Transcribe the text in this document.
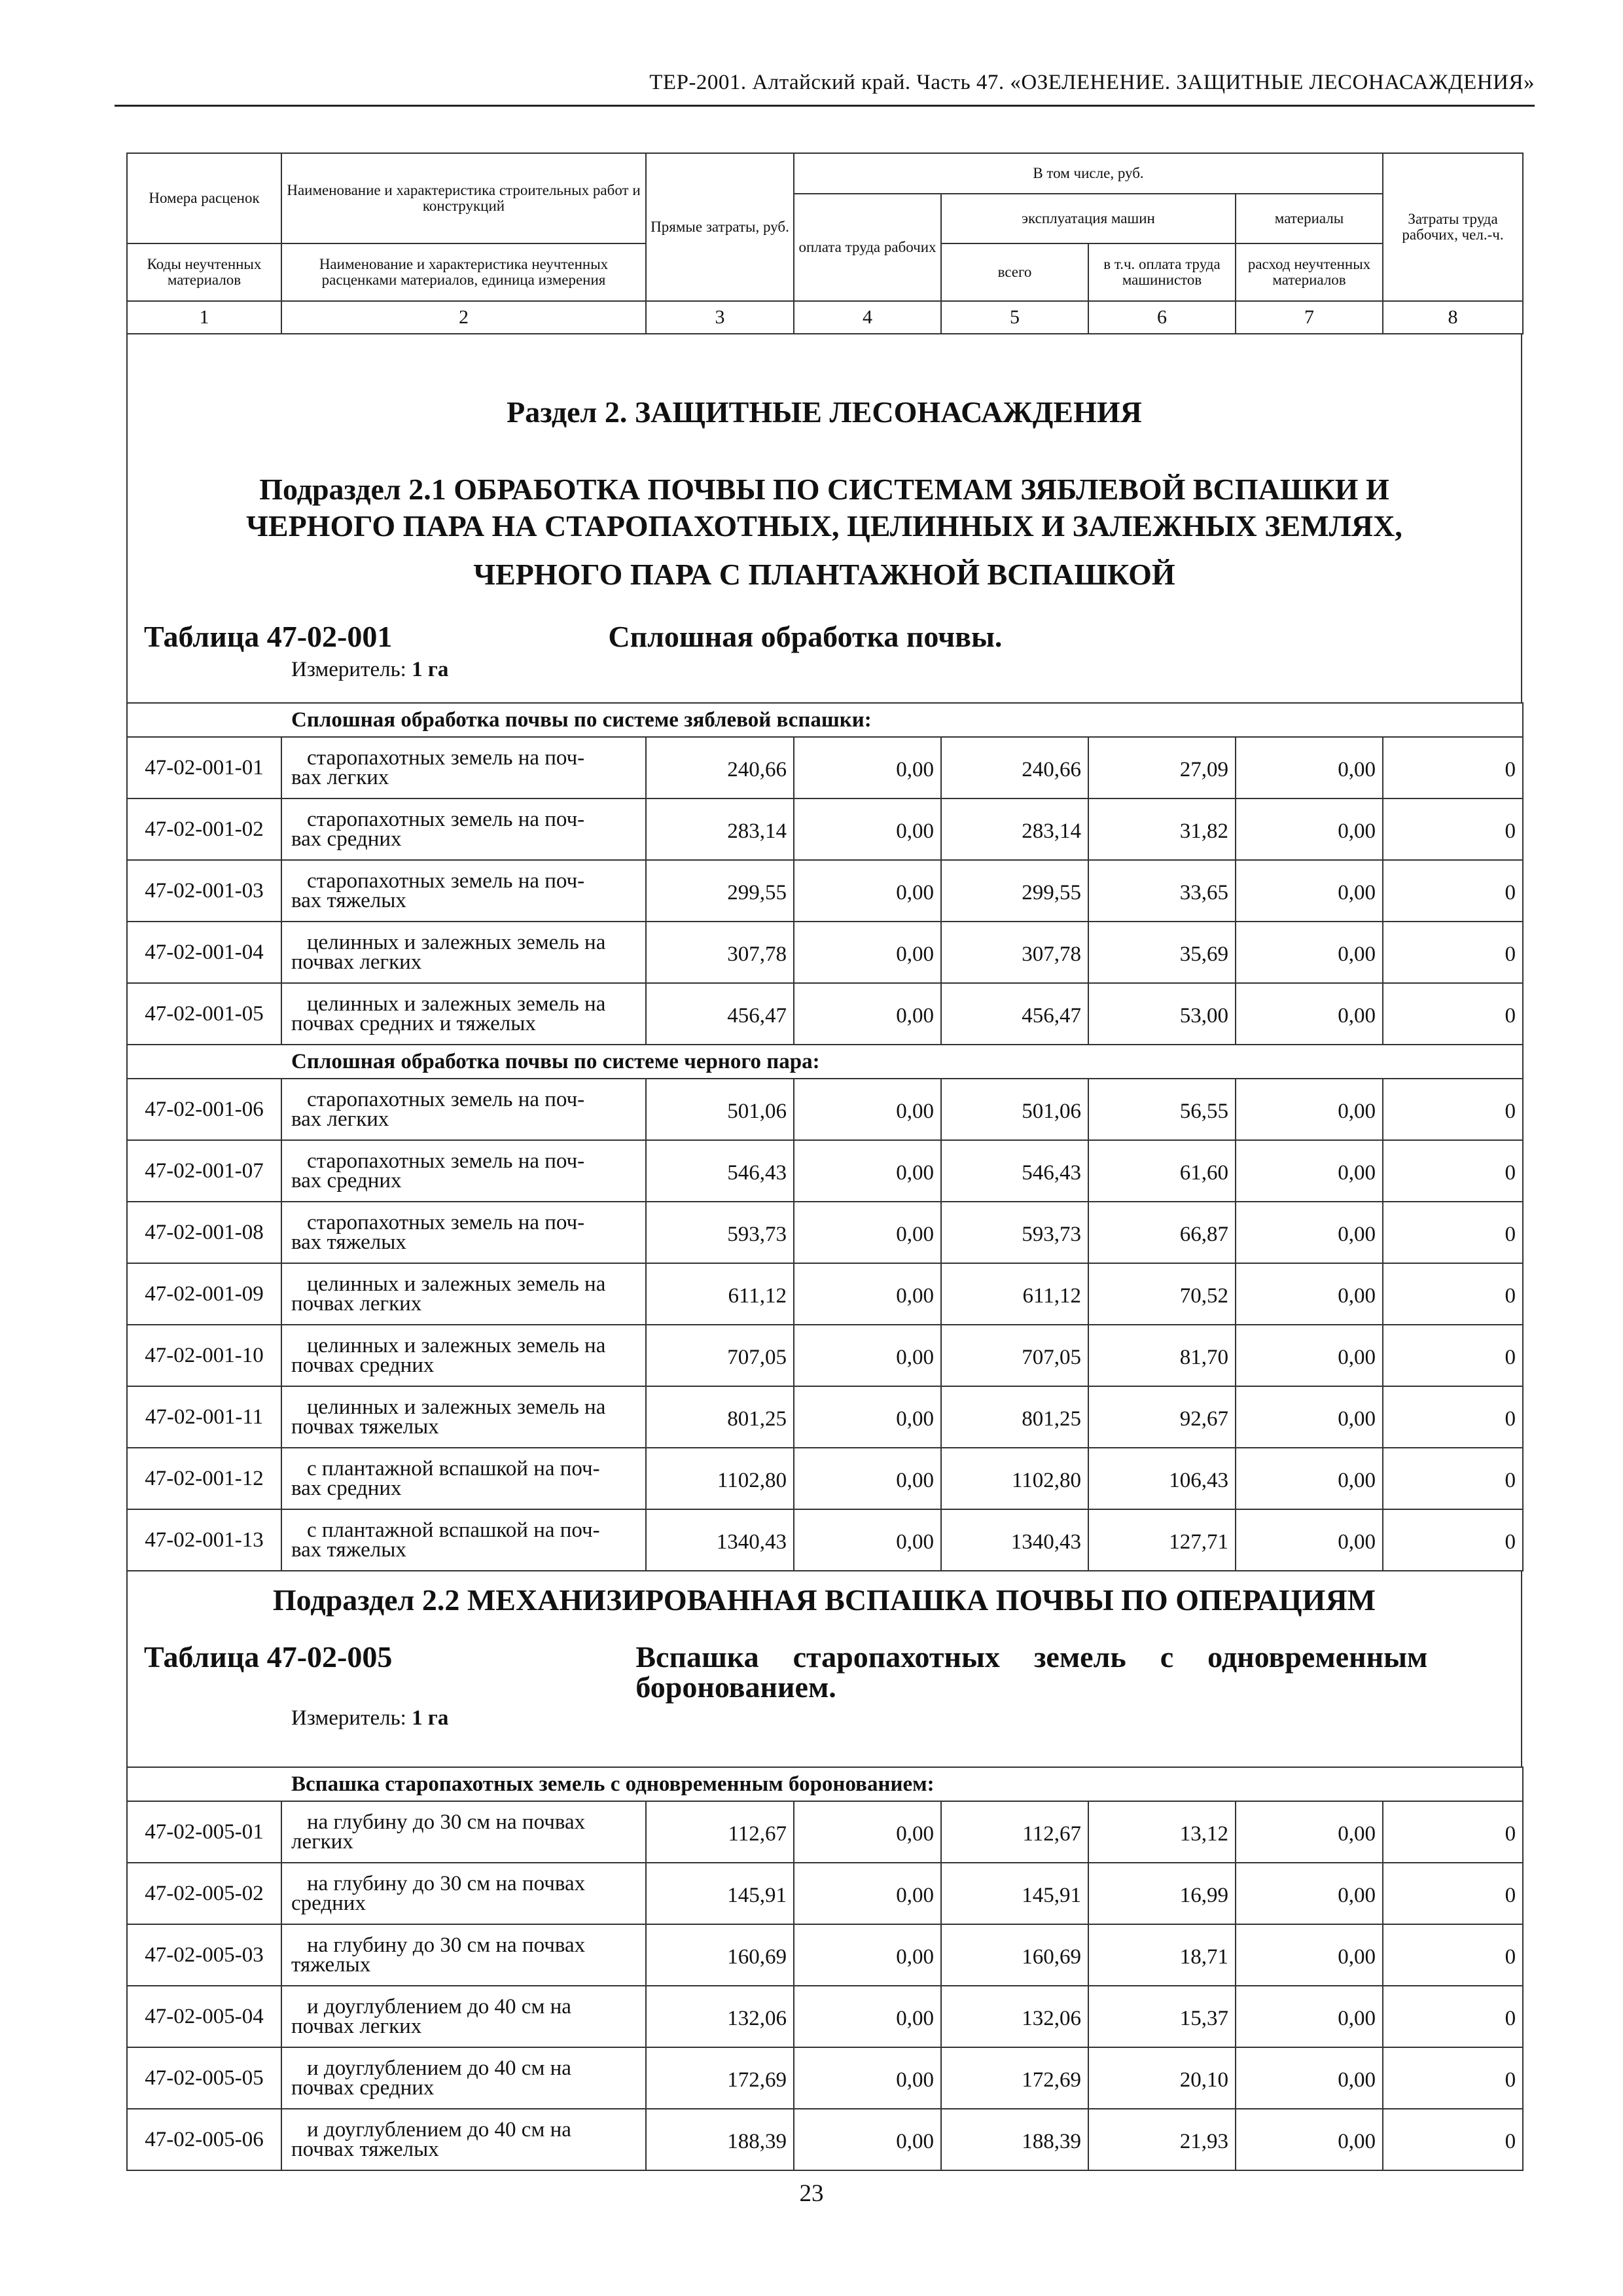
ТЕР-2001. Алтайский край. Часть 47. «ОЗЕЛЕНЕНИЕ. ЗАЩИТНЫЕ ЛЕСОНАСАЖДЕНИЯ»
Номера расценок	Наименование и характеристика строительных работ и конструкций	Прямые затраты, руб.	В том числе, руб.				Затраты труда рабочих, чел.-ч.
			оплата труда рабочих	эксплуатация машин		материалы	
Коды неучтенных материалов	Наименование и характеристика неучтенных расценками материалов, единица измерения			всего	в т.ч. оплата труда машинистов	расход неучтенных материалов	
1	2	3	4	5	6	7	8
Раздел 2. ЗАЩИТНЫЕ ЛЕСОНАСАЖДЕНИЯ
Подраздел 2.1 ОБРАБОТКА ПОЧВЫ ПО СИСТЕМАМ ЗЯБЛЕВОЙ ВСПАШКИ И
ЧЕРНОГО ПАРА НА СТАРОПАХОТНЫХ, ЦЕЛИННЫХ И ЗАЛЕЖНЫХ ЗЕМЛЯХ,
ЧЕРНОГО ПАРА С ПЛАНТАЖНОЙ ВСПАШКОЙ
Таблица 47-02-001	Сплошная обработка почвы.
Измеритель: 1 га
Сплошная обработка почвы по системе зяблевой вспашки:							
47-02-001-01	старопахотных земель на поч-
вах легких	240,66	0,00	240,66	27,09	0,00	0
47-02-001-02	старопахотных земель на поч-
вах средних	283,14	0,00	283,14	31,82	0,00	0
47-02-001-03	старопахотных земель на поч-
вах тяжелых	299,55	0,00	299,55	33,65	0,00	0
47-02-001-04	целинных и залежных земель на
почвах легких	307,78	0,00	307,78	35,69	0,00	0
47-02-001-05	целинных и залежных земель на
почвах средних и тяжелых	456,47	0,00	456,47	53,00	0,00	0
Сплошная обработка почвы по системе черного пара:							
47-02-001-06	старопахотных земель на поч-
вах легких	501,06	0,00	501,06	56,55	0,00	0
47-02-001-07	старопахотных земель на поч-
вах средних	546,43	0,00	546,43	61,60	0,00	0
47-02-001-08	старопахотных земель на поч-
вах тяжелых	593,73	0,00	593,73	66,87	0,00	0
47-02-001-09	целинных и залежных земель на
почвах легких	611,12	0,00	611,12	70,52	0,00	0
47-02-001-10	целинных и залежных земель на
почвах средних	707,05	0,00	707,05	81,70	0,00	0
47-02-001-11	целинных и залежных земель на
почвах тяжелых	801,25	0,00	801,25	92,67	0,00	0
47-02-001-12	с плантажной вспашкой на поч-
вах средних	1102,80	0,00	1102,80	106,43	0,00	0
47-02-001-13	с плантажной вспашкой на поч-
вах тяжелых	1340,43	0,00	1340,43	127,71	0,00	0
Подраздел 2.2 МЕХАНИЗИРОВАННАЯ ВСПАШКА ПОЧВЫ ПО ОПЕРАЦИЯМ
Таблица 47-02-005	Вспашка старопахотных земель с одновременным
боронованием.
Измеритель: 1 га
Вспашка старопахотных земель с одновременным боронованием:							
47-02-005-01	на глубину до 30 см на почвах
легких	112,67	0,00	112,67	13,12	0,00	0
47-02-005-02	на глубину до 30 см на почвах
средних	145,91	0,00	145,91	16,99	0,00	0
47-02-005-03	на глубину до 30 см на почвах
тяжелых	160,69	0,00	160,69	18,71	0,00	0
47-02-005-04	и доуглублением до 40 см на
почвах легких	132,06	0,00	132,06	15,37	0,00	0
47-02-005-05	и доуглублением до 40 см на
почвах средних	172,69	0,00	172,69	20,10	0,00	0
47-02-005-06	и доуглублением до 40 см на
почвах тяжелых	188,39	0,00	188,39	21,93	0,00	0
23
